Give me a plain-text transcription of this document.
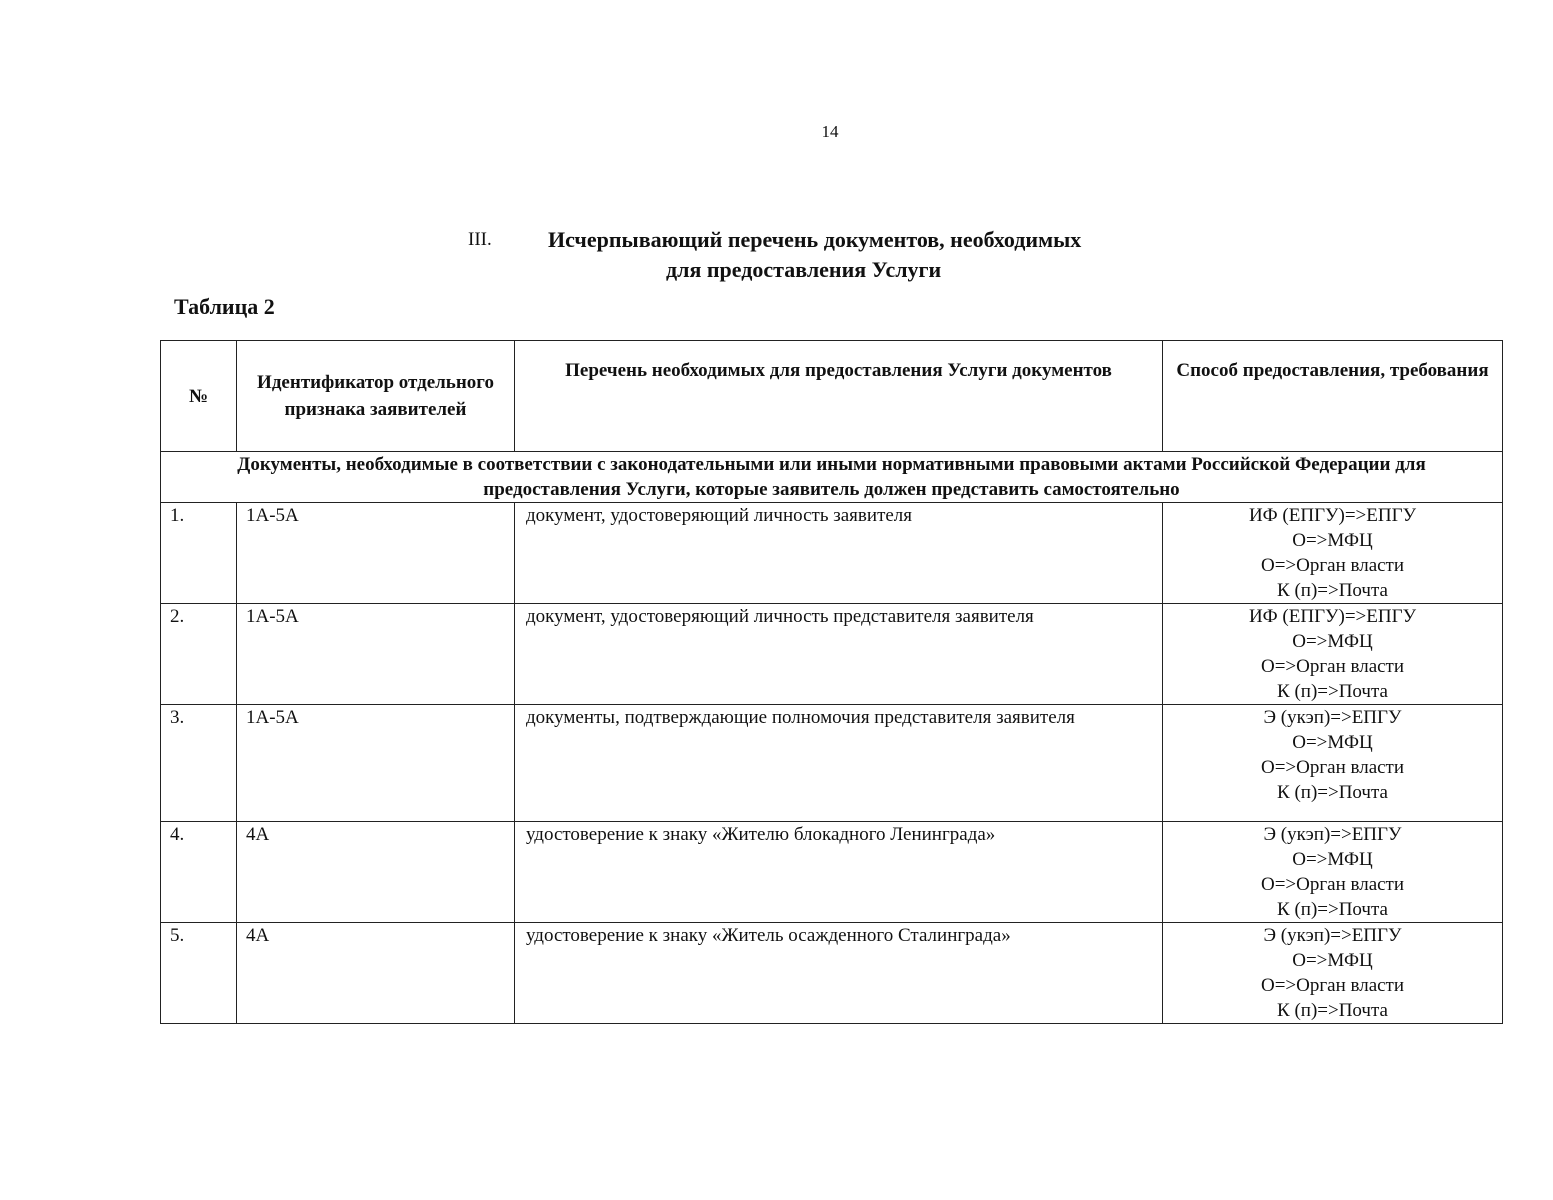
14
III.	Исчерпывающий перечень документов, необходимых
для предоставления Услуги
Таблица 2
№	Идентификатор отдельного признака заявителей	Перечень необходимых для предоставления Услуги документов	Способ предоставления, требования
Документы, необходимые в соответствии с законодательными или иными нормативными правовыми актами Российской Федерации для предоставления Услуги, которые заявитель должен представить самостоятельно			
1.	1А-5А	документ, удостоверяющий личность заявителя	ИФ (ЕПГУ)=>ЕПГУ
О=>МФЦ
О=>Орган власти
К (п)=>Почта

2.	1А-5А	документ, удостоверяющий личность представителя заявителя	ИФ (ЕПГУ)=>ЕПГУ
О=>МФЦ
О=>Орган власти
К (п)=>Почта

3.	1А-5А	документы, подтверждающие полномочия представителя заявителя	Э (укэп)=>ЕПГУ
О=>МФЦ
О=>Орган власти
К (п)=>Почта

4.	4А	удостоверение к знаку «Жителю блокадного Ленинграда»	Э (укэп)=>ЕПГУ
О=>МФЦ
О=>Орган власти
К (п)=>Почта

5.	4А	удостоверение к знаку «Житель осажденного Сталинграда»	Э (укэп)=>ЕПГУ
О=>МФЦ
О=>Орган власти
К (п)=>Почта
